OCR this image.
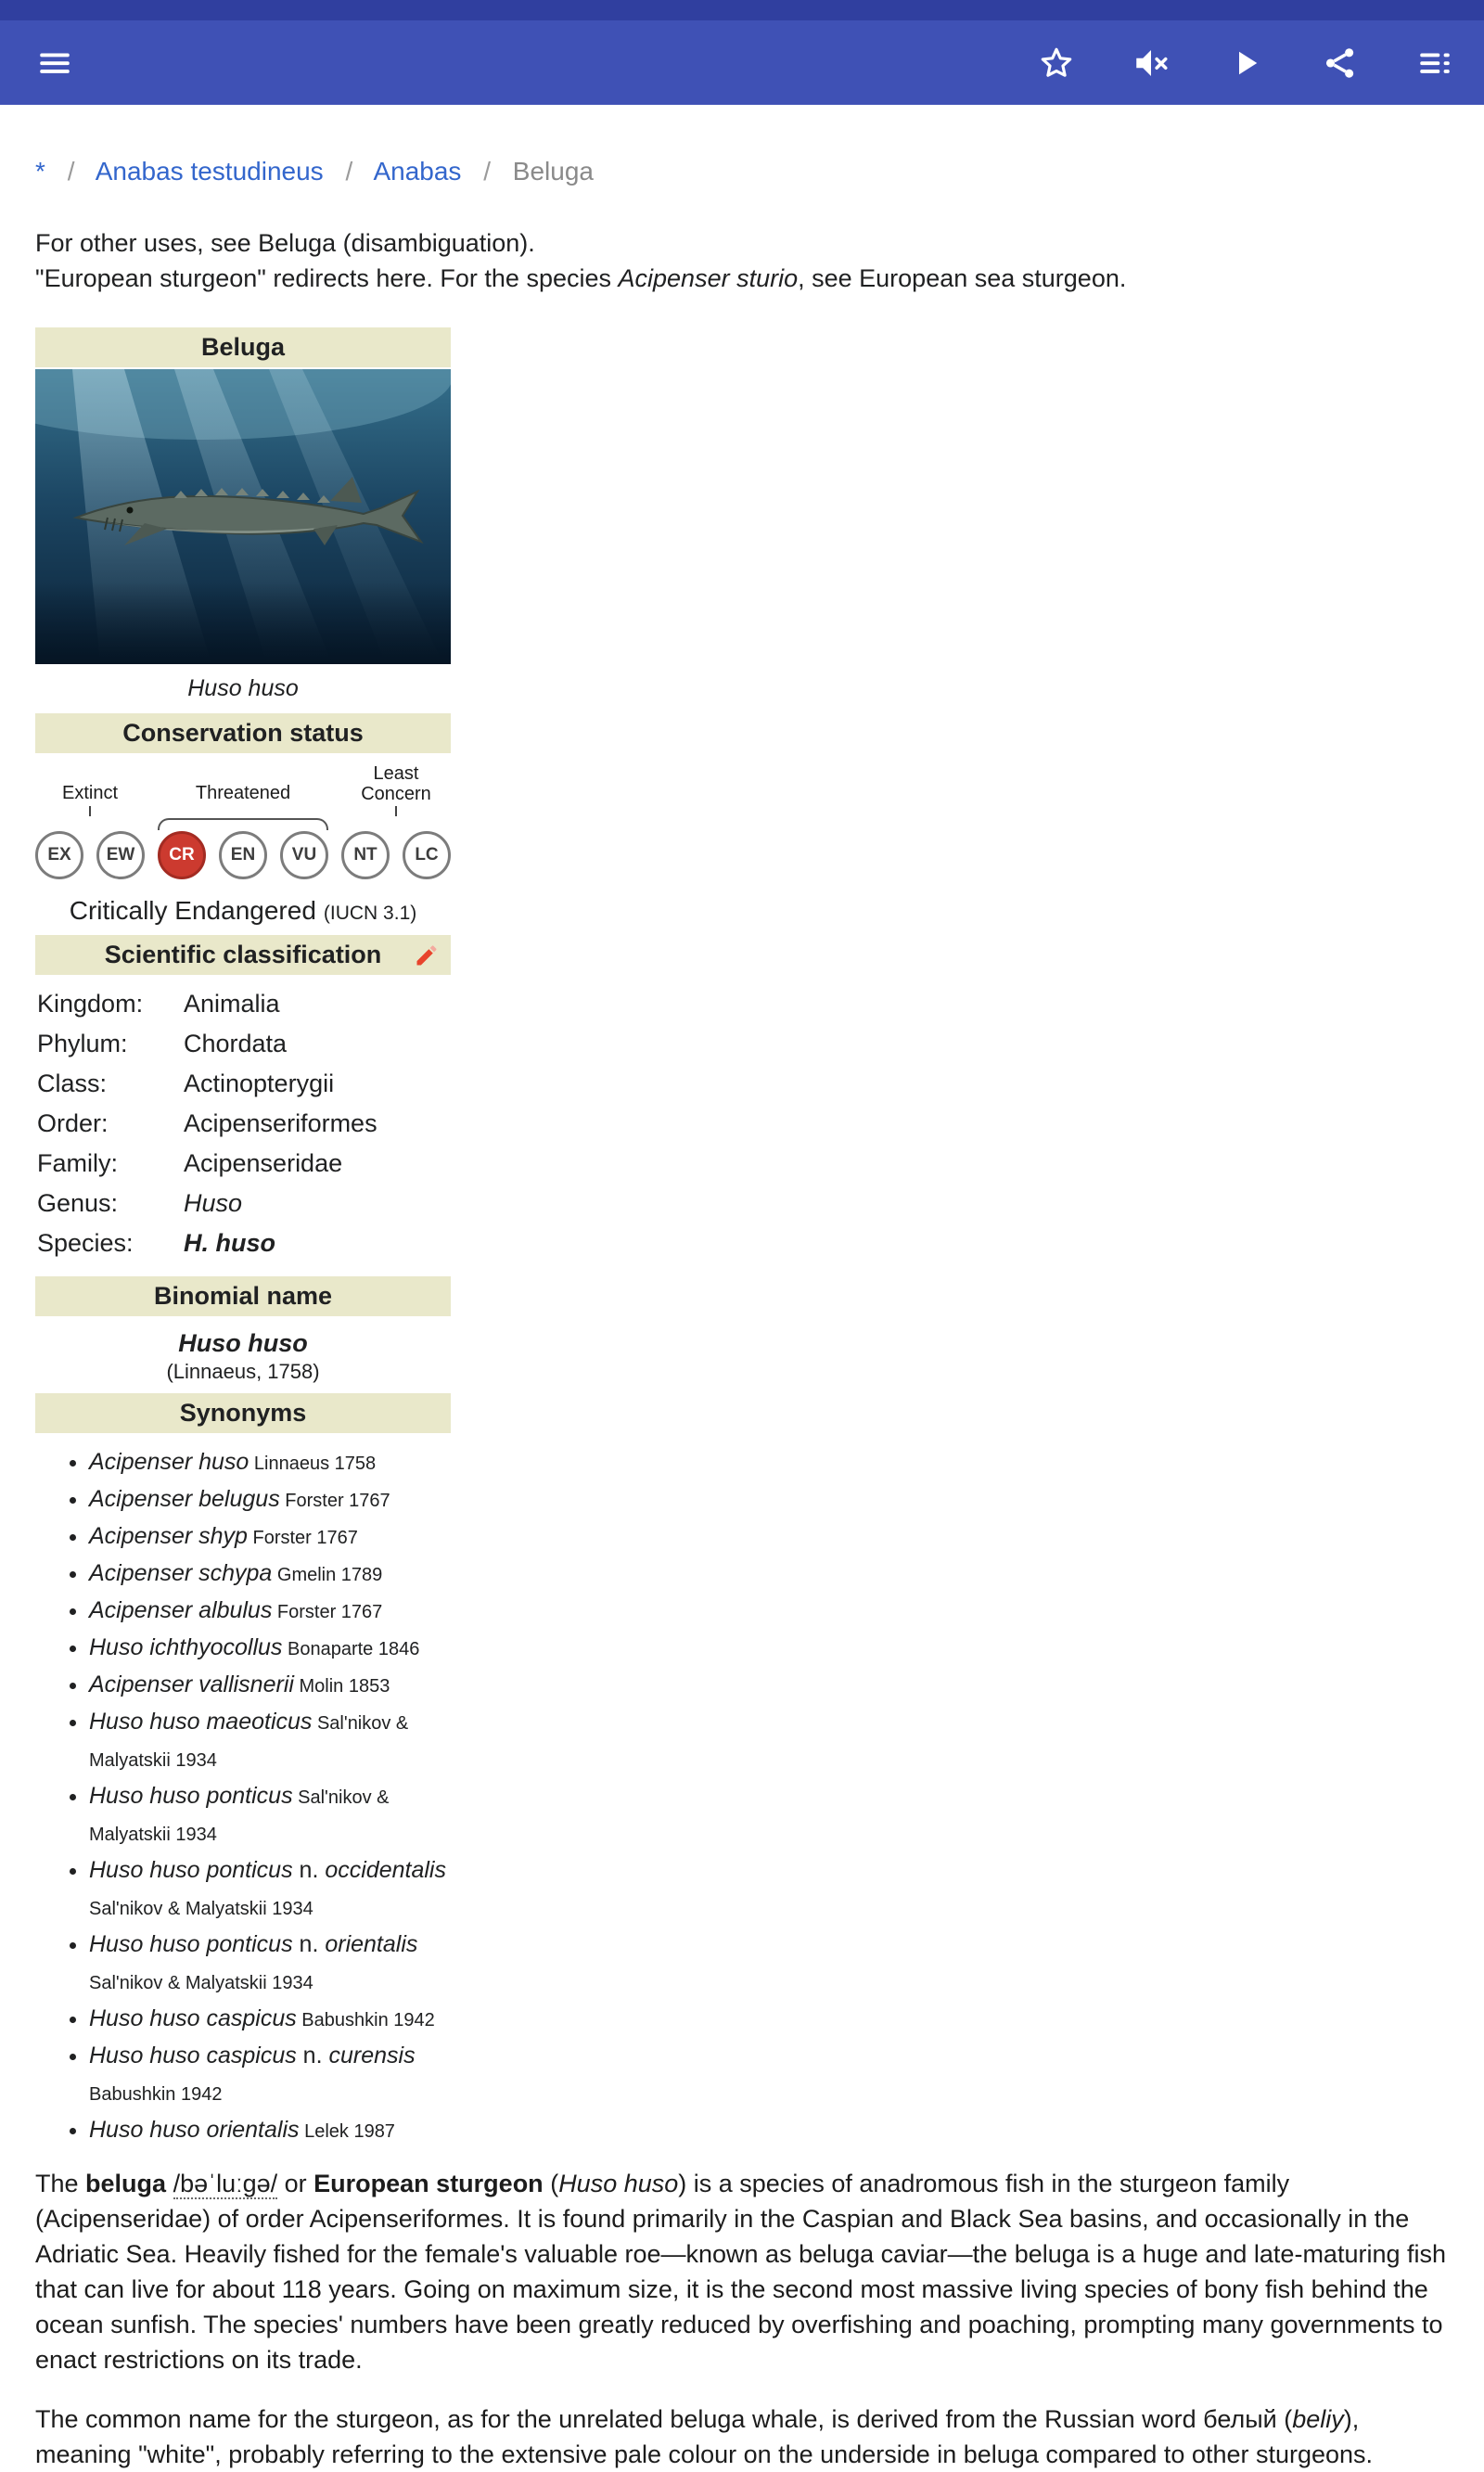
* / Anabas testudineus / Anabas / Beluga

For other uses, see Beluga (disambiguation).

"European sturgeon" redirects here. For the species Acipenser sturio, see European sea sturgeon.

Beluga
Huso huso
Conservation status
Extinct	Threatened
Least Concern
EX	EW	CR	EN	VU	NT	LC
Critically Endangered (IUCN 3.1)
Scientific classification
Kingdom:	Animalia
Phylum:	Chordata
Class:	Actinopterygii
Order:	Acipenseriformes
Family:	Acipenseridae
Genus:	Huso
Species:	H. huso
Binomial name
Huso huso
(Linnaeus, 1758)
Synonyms
• Acipenser huso Linnaeus 1758
• Acipenser belugus Forster 1767
• Acipenser shyp Forster 1767
• Acipenser schypa Gmelin 1789
• Acipenser albulus Forster 1767
• Huso ichthyocollus Bonaparte 1846
• Acipenser vallisnerii Molin 1853
• Huso huso maeoticus Sal'nikov & Malyatskii 1934
• Huso huso ponticus Sal'nikov & Malyatskii 1934
• Huso huso ponticus n. occidentalis Sal'nikov & Malyatskii 1934
• Huso huso ponticus n. orientalis Sal'nikov & Malyatskii 1934
• Huso huso caspicus Babushkin 1942
• Huso huso caspicus n. curensis Babushkin 1942
• Huso huso orientalis Lelek 1987

The beluga /bəˈluːɡə/ or European sturgeon (Huso huso) is a species of anadromous fish in the sturgeon family (Acipenseridae) of order Acipenseriformes. It is found primarily in the Caspian and Black Sea basins, and occasionally in the Adriatic Sea. Heavily fished for the female's valuable roe—known as beluga caviar—the beluga is a huge and late-maturing fish that can live for about 118 years. Going on maximum size, it is the second most massive living species of bony fish behind the ocean sunfish. The species' numbers have been greatly reduced by overfishing and poaching, prompting many governments to enact restrictions on its trade.

The common name for the sturgeon, as for the unrelated beluga whale, is derived from the Russian word белый (beliy), meaning "white", probably referring to the extensive pale colour on the underside in beluga compared to other sturgeons.
